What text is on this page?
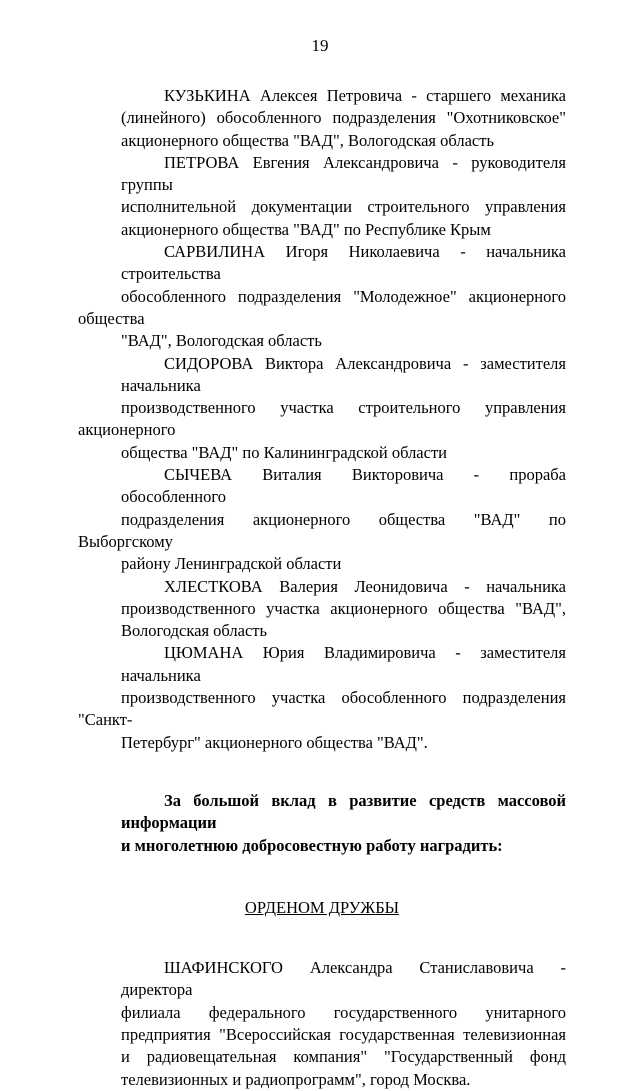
19
КУЗЬКИНА Алексея Петровича - старшего механика
(линейного) обособленного подразделения "Охотниковское"
акционерного общества "ВАД", Вологодская область
ПЕТРОВА Евгения Александровича - руководителя группы
исполнительной документации строительного управления
акционерного общества "ВАД" по Республике Крым
САРВИЛИНА Игоря Николаевича - начальника строительства
обособленного подразделения "Молодежное" акционерного общества
"ВАД", Вологодская область
СИДОРОВА Виктора Александровича - заместителя начальника
производственного участка строительного управления акционерного
общества "ВАД" по Калининградской области
СЫЧЕВА Виталия Викторовича - прораба обособленного
подразделения акционерного общества "ВАД" по Выборгскому
району Ленинградской области
ХЛЕСТКОВА Валерия Леонидовича - начальника
производственного участка акционерного общества "ВАД",
Вологодская область
ЦЮМАНА Юрия Владимировича - заместителя начальника
производственного участка обособленного подразделения "Санкт-
Петербург" акционерного общества "ВАД".
За большой вклад в развитие средств массовой информации
и многолетнюю добросовестную работу наградить:
ОРДЕНОМ ДРУЖБЫ
ШАФИНСКОГО Александра Станиславовича - директора
филиала федерального государственного унитарного
предприятия "Всероссийская государственная телевизионная
и радиовещательная компания" "Государственный фонд
телевизионных и радиопрограмм", город Москва.
